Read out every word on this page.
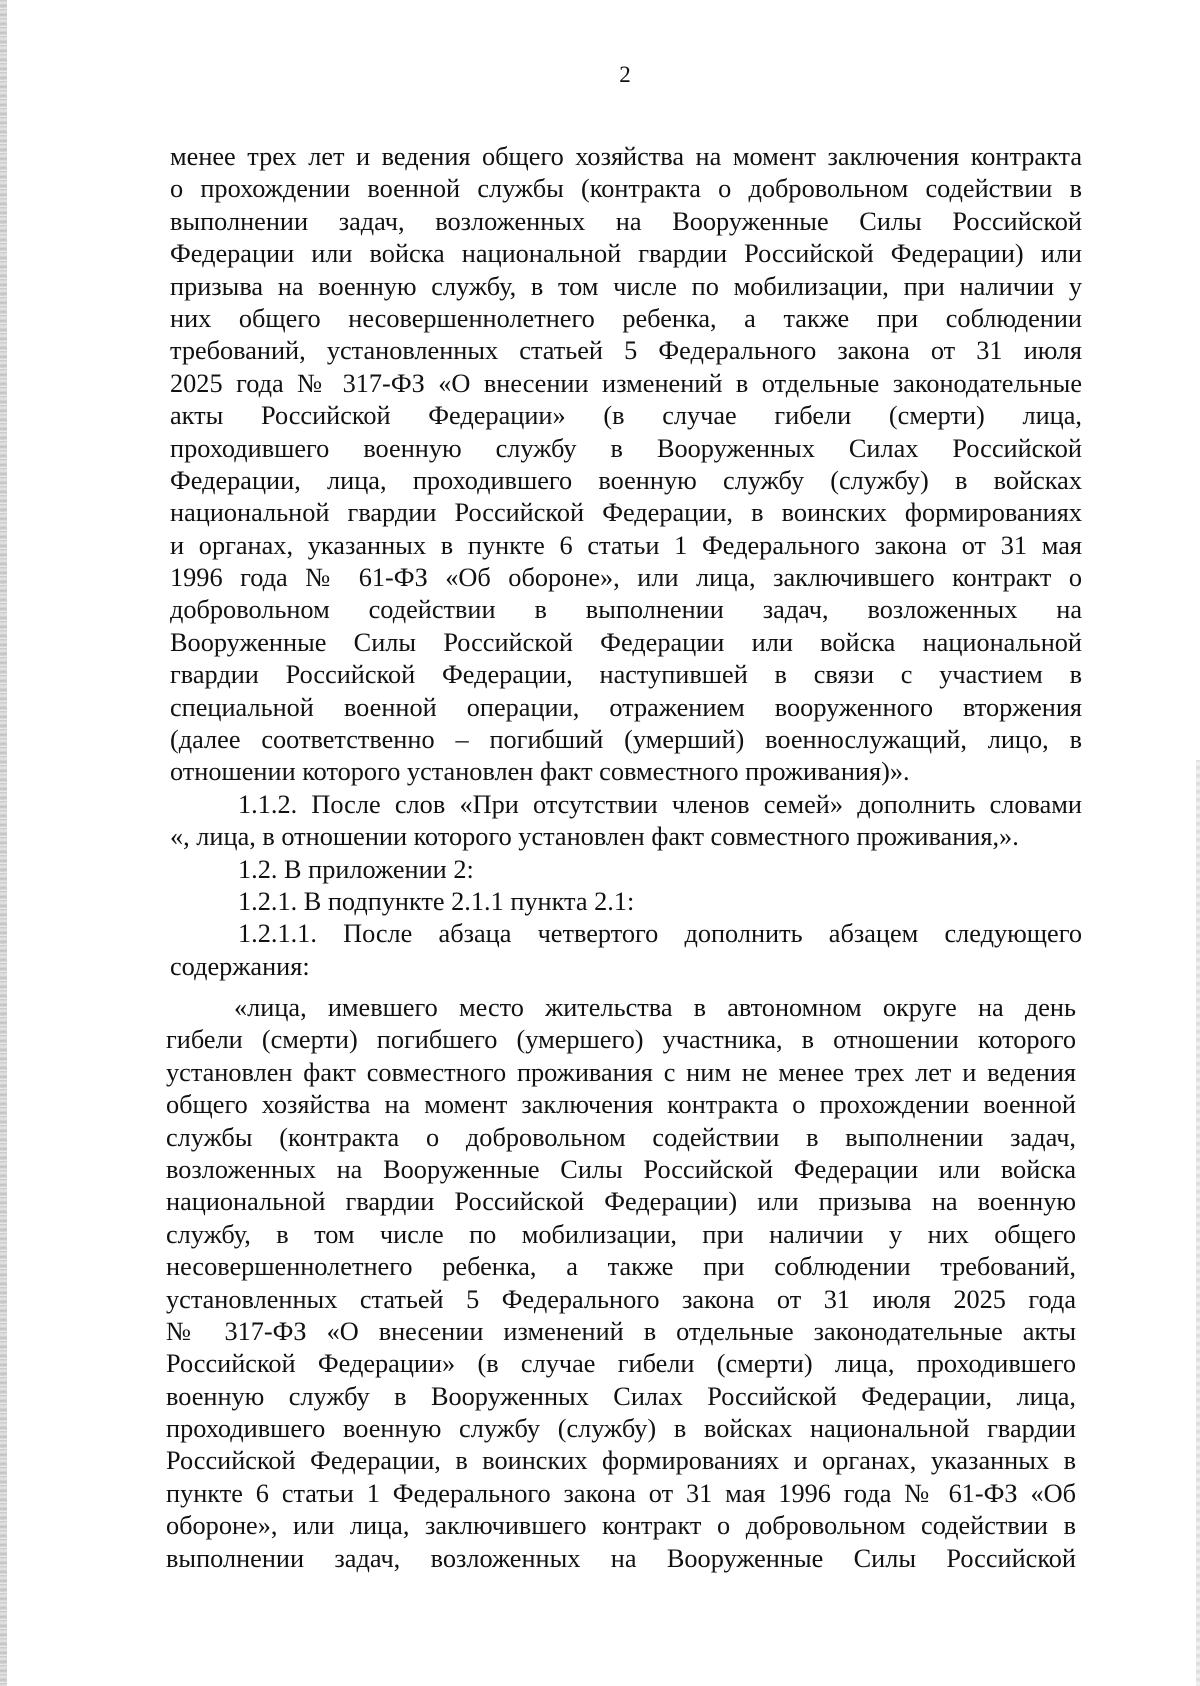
2

менее трех лет и ведения общего хозяйства на момент заключения контракта

о прохождении военной службы (контракта о добровольном содействии в

выполнении задач, возложенных на Вооруженные Силы Российской

Федерации или войска национальной гвардии Российской Федерации) или

призыва на военную службу, в том числе по мобилизации, при наличии у

них общего несовершеннолетнего ребенка, а также при соблюдении

требований, установленных статьей 5 Федерального закона от 31 июля

2025 года № 317-ФЗ «О внесении изменений в отдельные законодательные

акты Российской Федерации» (в случае гибели (смерти) лица,

проходившего военную службу в Вооруженных Силах Российской

Федерации, лица, проходившего военную службу (службу) в войсках

национальной гвардии Российской Федерации, в воинских формированиях

и органах, указанных в пункте 6 статьи 1 Федерального закона от 31 мая

1996 года № 61-ФЗ «Об обороне», или лица, заключившего контракт о

добровольном содействии в выполнении задач, возложенных на

Вооруженные Силы Российской Федерации или войска национальной

гвардии Российской Федерации, наступившей в связи с участием в

специальной военной операции, отражением вооруженного вторжения

(далее соответственно – погибший (умерший) военнослужащий, лицо, в

отношении которого установлен факт совместного проживания)».

1.1.2. После слов «При отсутствии членов семей» дополнить словами

«, лица, в отношении которого установлен факт совместного проживания,».

1.2. В приложении 2:

1.2.1. В подпункте 2.1.1 пункта 2.1:

1.2.1.1. После абзаца четвертого дополнить абзацем следующего

содержания:

«лица, имевшего место жительства в автономном округе на день

гибели (смерти) погибшего (умершего) участника, в отношении которого

установлен факт совместного проживания с ним не менее трех лет и ведения

общего хозяйства на момент заключения контракта о прохождении военной

службы (контракта о добровольном содействии в выполнении задач,

возложенных на Вооруженные Силы Российской Федерации или войска

национальной гвардии Российской Федерации) или призыва на военную

службу, в том числе по мобилизации, при наличии у них общего

несовершеннолетнего ребенка, а также при соблюдении требований,

установленных статьей 5 Федерального закона от 31 июля 2025 года

№ 317-ФЗ «О внесении изменений в отдельные законодательные акты

Российской Федерации» (в случае гибели (смерти) лица, проходившего

военную службу в Вооруженных Силах Российской Федерации, лица,

проходившего военную службу (службу) в войсках национальной гвардии

Российской Федерации, в воинских формированиях и органах, указанных в

пункте 6 статьи 1 Федерального закона от 31 мая 1996 года № 61-ФЗ «Об

обороне», или лица, заключившего контракт о добровольном содействии в

выполнении задач, возложенных на Вооруженные Силы Российской
